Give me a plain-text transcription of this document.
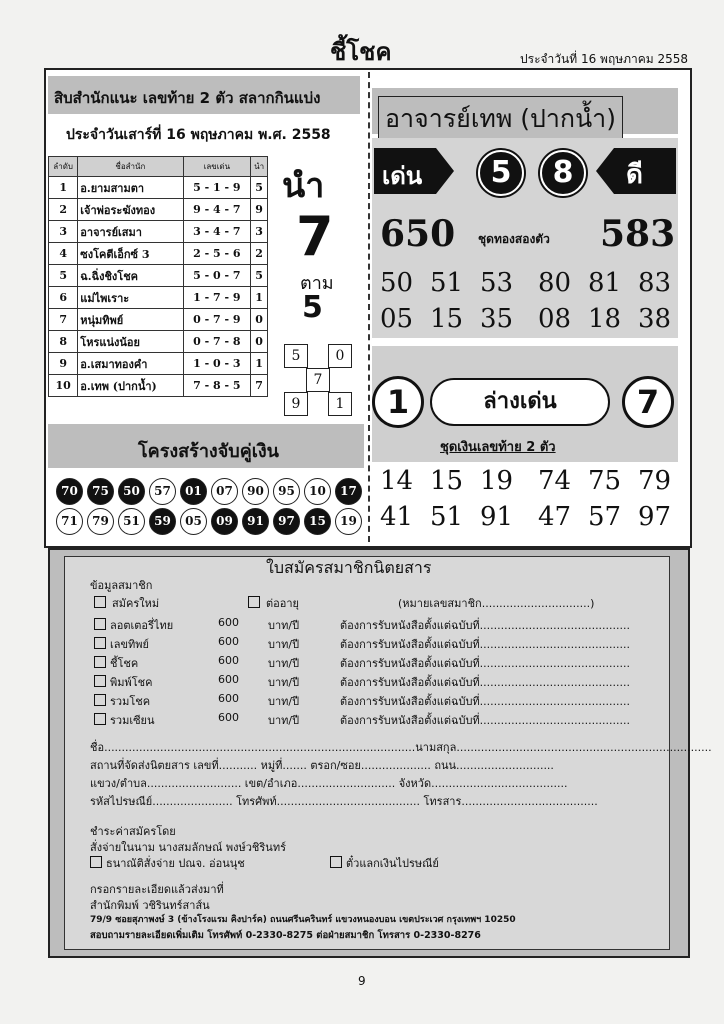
ชี้โชค	ประจำวันที่ 16 พฤษภาคม 2558
สิบสำนักแนะ เลขท้าย 2 ตัว สลากกินแบ่ง
ประจำวันเสาร์ที่ 16 พฤษภาคม พ.ศ. 2558
ลำดับ	ชื่อสำนัก	เลขเด่น	นำ
1	อ.ยามสามตา	5 - 1 - 9	5
2	เจ้าพ่อระฆังทอง	9 - 4 - 7	9
3	อาจารย์เสมา	3 - 4 - 7	3
4	ซงโคตีเอ็กซ์ 3	2 - 5 - 6	2
5	ฉ.ฉิ่งชิงโชค	5 - 0 - 7	5
6	แม่ไพเราะ	1 - 7 - 9	1
7	หนุ่มทิพย์	0 - 7 - 9	0
8	โหรแน่งน้อย	0 - 7 - 8	0
9	อ.เสมาทองคำ	1 - 0 - 3	1
10	อ.เทพ (ปากน้ำ)	7 - 8 - 5	7
นำ
7
ตาม
5
5	0
7
9	1
โครงสร้างจับคู่เงิน
70	75	50	57	01	07	90	95	10	17
71	79	51	59	05	09	91	97	15	19
อาจารย์เทพ (ปากน้ำ)
เด่น	5	8	ดี
650 ชุดทองสองตัว 583
50 51 53 80 81 83
05 15 35 08 18 38
1	ล่างเด่น	7
ชุดเงินเลขท้าย 2 ตัว
14 15 19 74 75 79
41 51 91 47 57 97
ใบสมัครสมาชิกนิตยสาร
ข้อมูลสมาชิก
สมัครใหม่	ต่ออายุ	(หมายเลขสมาชิก...............................)
ลอตเตอรี่ไทย	600	บาท/ปี	ต้องการรับหนังสือตั้งแต่ฉบับที่...........................................
เลขทิพย์	600	บาท/ปี	ต้องการรับหนังสือตั้งแต่ฉบับที่...........................................
ชี้โชค	600	บาท/ปี	ต้องการรับหนังสือตั้งแต่ฉบับที่...........................................
พิมพ์โชค	600	บาท/ปี	ต้องการรับหนังสือตั้งแต่ฉบับที่...........................................
รวมโชค	600	บาท/ปี	ต้องการรับหนังสือตั้งแต่ฉบับที่...........................................
รวมเซียน	600	บาท/ปี	ต้องการรับหนังสือตั้งแต่ฉบับที่...........................................
ชื่อ.........................................................................................นามสกุล.........................................................................
สถานที่จัดส่งนิตยสาร เลขที่........... หมู่ที่....... ตรอก/ซอย.................... ถนน............................
แขวง/ตำบล........................... เขต/อำเภอ............................ จังหวัด.......................................
รหัสไปรษณีย์....................... โทรศัพท์......................................... โทรสาร.......................................
ชำระค่าสมัครโดย
สั่งจ่ายในนาม นางสมลักษณ์ พงษ์วชิรินทร์
ธนาณัติสั่งจ่าย ปณจ. อ่อนนุช	ตั๋วแลกเงินไปรษณีย์
กรอกรายละเอียดแล้วส่งมาที่
สำนักพิมพ์ วชิรินทร์สาส์น
79/9 ซอยสุภาพงษ์ 3 (ข้างโรงแรม คิงปาร์ค) ถนนศรีนครินทร์ แขวงหนองบอน เขตประเวศ กรุงเทพฯ 10250
สอบถามรายละเอียดเพิ่มเติม โทรศัพท์ 0-2330-8275 ต่อฝ่ายสมาชิก โทรสาร 0-2330-8276
9
